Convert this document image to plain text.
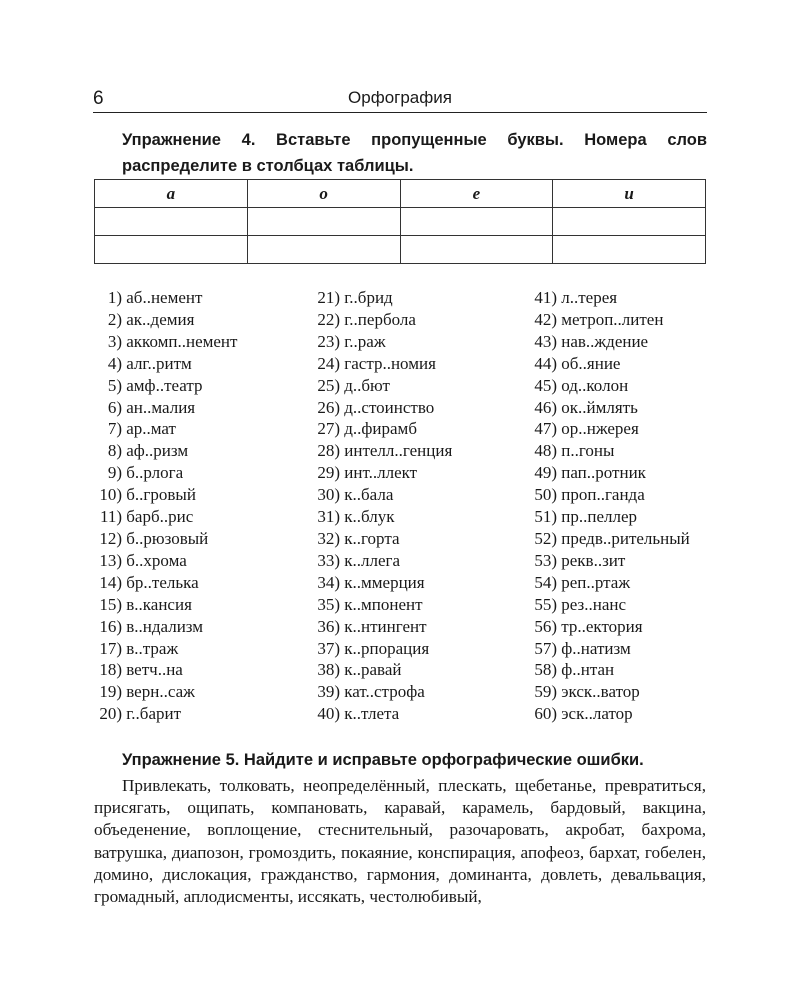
6	Орфография
Упражнение 4. Вставьте пропущенные буквы. Номера слов распределите в столбцах таблицы.
а	о	е	и

1) аб..немент
2) ак..демия
3) аккомп..немент
4) алг..ритм
5) амф..театр
6) ан..малия
7) ар..мат
8) аф..ризм
9) б..рлога
10) б..гровый
11) барб..рис
12) б..рюзовый
13) б..хрома
14) бр..телька
15) в..кансия
16) в..ндализм
17) в..траж
18) ветч..на
19) верн..саж
20) г..барит
21) г..брид
22) г..пербола
23) г..раж
24) гастр..номия
25) д..бют
26) д..стоинство
27) д..фирамб
28) интелл..генция
29) инт..ллект
30) к..бала
31) к..блук
32) к..горта
33) к..ллега
34) к..ммерция
35) к..мпонент
36) к..нтингент
37) к..рпорация
38) к..равай
39) кат..строфа
40) к..тлета
41) л..терея
42) метроп..литен
43) нав..ждение
44) об..яние
45) од..колон
46) ок..ймлять
47) ор..нжерея
48) п..гоны
49) пап..ротник
50) проп..ганда
51) пр..пеллер
52) предв..рительный
53) рекв..зит
54) реп..ртаж
55) рез..нанс
56) тр..ектория
57) ф..натизм
58) ф..нтан
59) экск..ватор
60) эск..латор
Упражнение 5. Найдите и исправьте орфографические ошибки.

Привлекать, толковать, неопределённый, плескать, щебетанье, превратиться, присягать, ощипать, компановать, каравай, карамель, бардовый, вакцина, объеденение, воплощение, стеснительный, разочаровать, акробат, бахрома, ватрушка, диапозон, громоздить, покаяние, конспирация, апофеоз, бархат, гобелен, домино, дислокация, гражданство, гармония, доминанта, довлеть, девальвация, громадный, аплодисменты, иссякать, честолюбивый,
